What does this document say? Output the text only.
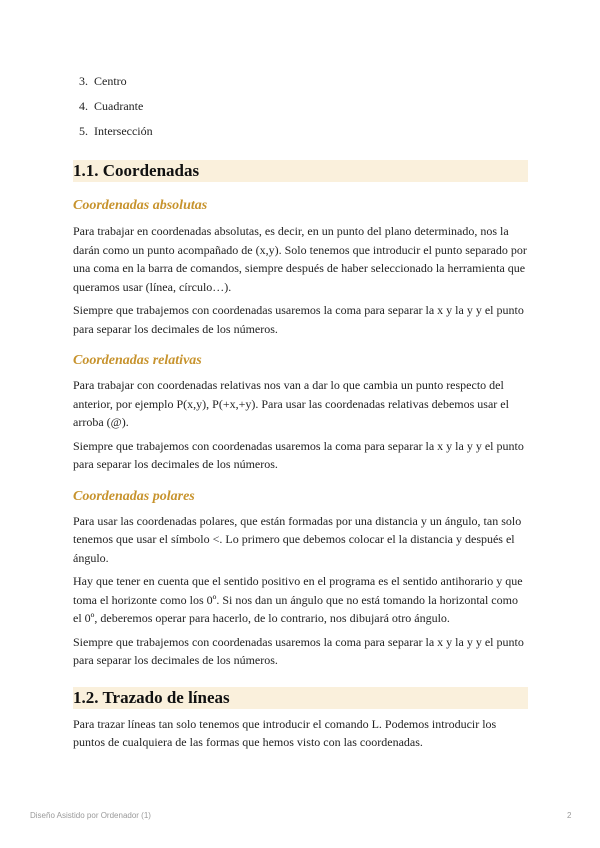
3. Centro
4. Cuadrante
5. Intersección
1.1. Coordenadas
Coordenadas absolutas

Para trabajar en coordenadas absolutas, es decir, en un punto del plano determinado, nos la darán como un punto acompañado de (x,y). Solo tenemos que introducir el punto separado por una coma en la barra de comandos, siempre después de haber seleccionado la herramienta que queramos usar (línea, círculo…).

Siempre que trabajemos con coordenadas usaremos la coma para separar la x y la y y el punto para separar los decimales de los números.

Coordenadas relativas

Para trabajar con coordenadas relativas nos van a dar lo que cambia un punto respecto del anterior, por ejemplo P(x,y), P(+x,+y). Para usar las coordenadas relativas debemos usar el arroba (@).

Siempre que trabajemos con coordenadas usaremos la coma para separar la x y la y y el punto para separar los decimales de los números.

Coordenadas polares

Para usar las coordenadas polares, que están formadas por una distancia y un ángulo, tan solo tenemos que usar el símbolo <. Lo primero que debemos colocar el la distancia y después el ángulo.

Hay que tener en cuenta que el sentido positivo en el programa es el sentido antihorario y que toma el horizonte como los 0º. Si nos dan un ángulo que no está tomando la horizontal como el 0º, deberemos operar para hacerlo, de lo contrario, nos dibujará otro ángulo.

Siempre que trabajemos con coordenadas usaremos la coma para separar la x y la y y el punto para separar los decimales de los números.

1.2. Trazado de líneas

Para trazar líneas tan solo tenemos que introducir el comando L. Podemos introducir los puntos de cualquiera de las formas que hemos visto con las coordenadas.

Diseño Asistido por Ordenador (1)	2
